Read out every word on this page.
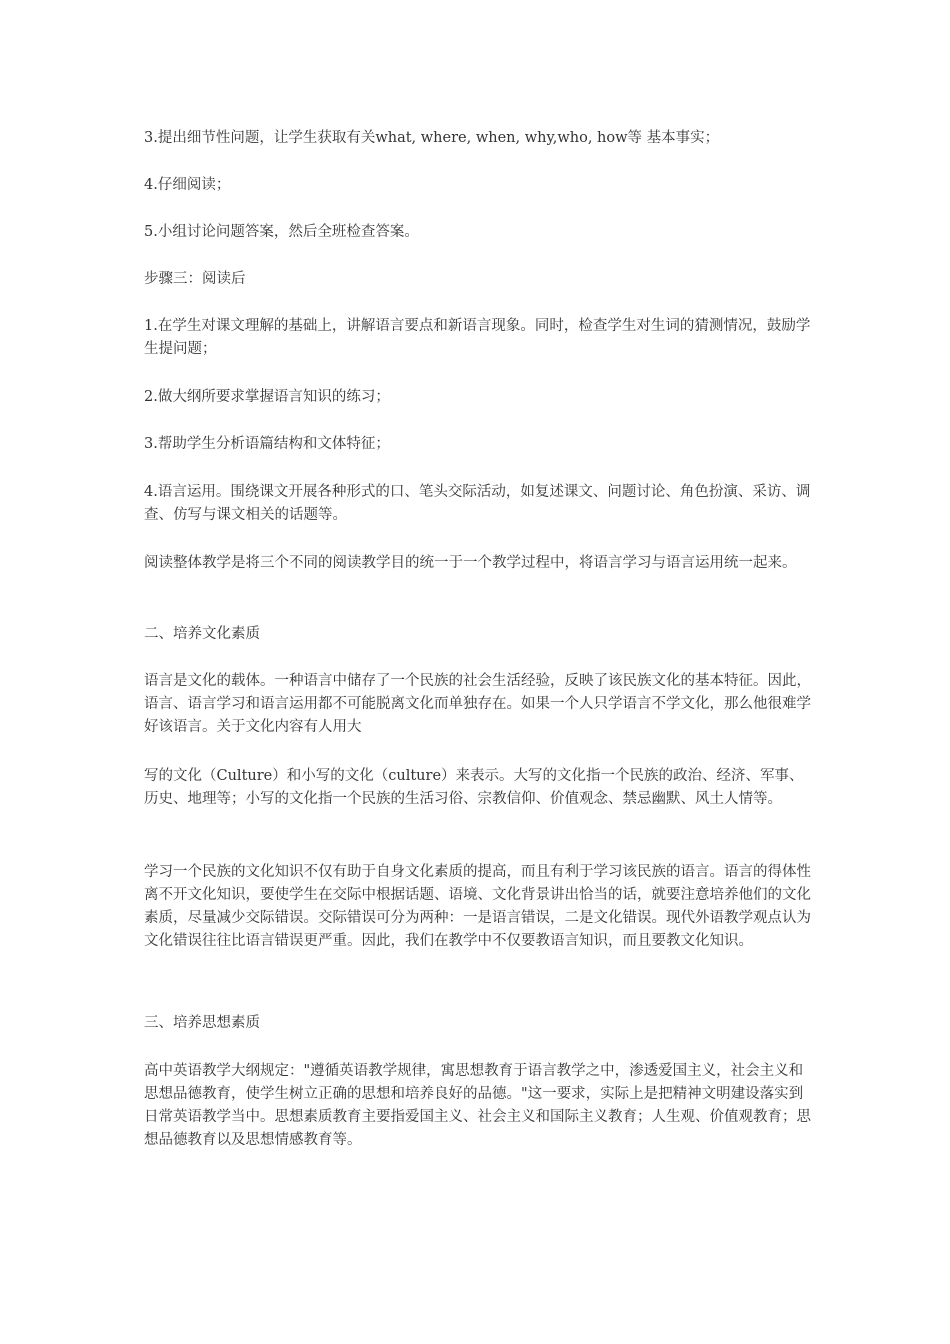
3.提出细节性问题，让学生获取有关what, where, when, why,who, how等 基本事实；

4.仔细阅读；

5.小组讨论问题答案，然后全班检查答案。

步骤三：阅读后

1.在学生对课文理解的基础上，讲解语言要点和新语言现象。同时，检查学生对生词的猜测情况，鼓励学生提问题；

2.做大纲所要求掌握语言知识的练习；

3.帮助学生分析语篇结构和文体特征；

4.语言运用。围绕课文开展各种形式的口、笔头交际活动，如复述课文、问题讨论、角色扮演、采访、调查、仿写与课文相关的话题等。

阅读整体教学是将三个不同的阅读教学目的统一于一个教学过程中，将语言学习与语言运用统一起来。

二、培养文化素质

语言是文化的载体。一种语言中储存了一个民族的社会生活经验，反映了该民族文化的基本特征。因此，语言、语言学习和语言运用都不可能脱离文化而单独存在。如果一个人只学语言不学文化，那么他很难学好该语言。关于文化内容有人用大

写的文化（Culture）和小写的文化（culture）来表示。大写的文化指一个民族的政治、经济、军事、历史、地理等；小写的文化指一个民族的生活习俗、宗教信仰、价值观念、禁忌幽默、风土人情等。

学习一个民族的文化知识不仅有助于自身文化素质的提高，而且有利于学习该民族的语言。语言的得体性离不开文化知识，要使学生在交际中根据话题、语境、文化背景讲出恰当的话，就要注意培养他们的文化素质，尽量减少交际错误。交际错误可分为两种：一是语言错误，二是文化错误。现代外语教学观点认为文化错误往往比语言错误更严重。因此，我们在教学中不仅要教语言知识，而且要教文化知识。

三、培养思想素质

高中英语教学大纲规定："遵循英语教学规律，寓思想教育于语言教学之中，渗透爱国主义，社会主义和思想品德教育，使学生树立正确的思想和培养良好的品德。"这一要求，实际上是把精神文明建设落实到日常英语教学当中。思想素质教育主要指爱国主义、社会主义和国际主义教育；人生观、价值观教育；思想品德教育以及思想情感教育等。
